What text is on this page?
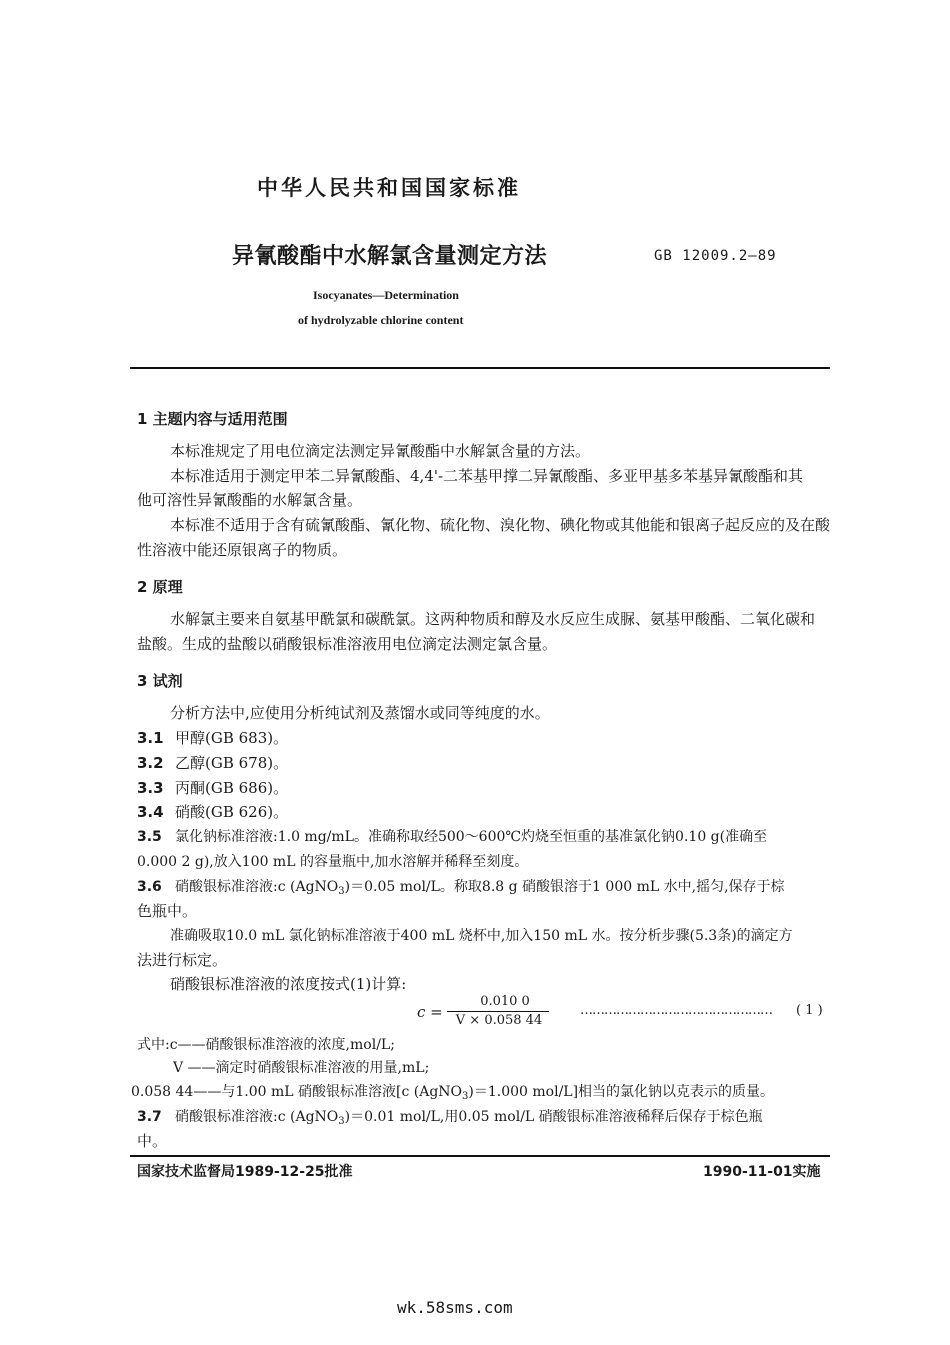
中华人民共和国国家标准
异氰酸酯中水解氯含量测定方法	GB 12009.2—89
Isocyanates—Determination
of hydrolyzable chlorine content
1 主题内容与适用范围
本标准规定了用电位滴定法测定异氰酸酯中水解氯含量的方法。
本标准适用于测定甲苯二异氰酸酯、4,4'-二苯基甲撑二异氰酸酯、多亚甲基多苯基异氰酸酯和其
他可溶性异氰酸酯的水解氯含量。
本标准不适用于含有硫氰酸酯、氰化物、硫化物、溴化物、碘化物或其他能和银离子起反应的及在酸
性溶液中能还原银离子的物质。
2 原理
水解氯主要来自氨基甲酰氯和碳酰氯。这两种物质和醇及水反应生成脲、氨基甲酸酯、二氧化碳和
盐酸。生成的盐酸以硝酸银标准溶液用电位滴定法测定氯含量。
3 试剂
分析方法中,应使用分析纯试剂及蒸馏水或同等纯度的水。
3.1 甲醇(GB 683)。
3.2 乙醇(GB 678)。
3.3 丙酮(GB 686)。
3.4 硝酸(GB 626)。
3.5 氯化钠标准溶液:1.0 mg/mL。准确称取经500～600℃灼烧至恒重的基准氯化钠0.10 g(准确至
0.000 2 g),放入100 mL 的容量瓶中,加水溶解并稀释至刻度。
3.6 硝酸银标准溶液:c (AgNO$_3$)＝0.05 mol/L。称取8.8 g 硝酸银溶于1 000 mL 水中,摇匀,保存于棕
色瓶中。
准确吸取10.0 mL 氯化钠标准溶液于400 mL 烧杯中,加入150 mL 水。按分析步骤(5.3条)的滴定方
法进行标定。
硝酸银标准溶液的浓度按式(1)计算:
c =
0.010 0
V × 0.058 44
………………………………………… ( 1 )
式中:c——硝酸银标准溶液的浓度,mol/L;
V ——滴定时硝酸银标准溶液的用量,mL;
0.058 44——与1.00 mL 硝酸银标准溶液[c (AgNO$_3$)＝1.000 mol/L]相当的氯化钠以克表示的质量。
3.7 硝酸银标准溶液:c (AgNO$_3$)＝0.01 mol/L,用0.05 mol/L 硝酸银标准溶液稀释后保存于棕色瓶
中。
国家技术监督局1989-12-25批准	1990-11-01实施
wk.58sms.com
